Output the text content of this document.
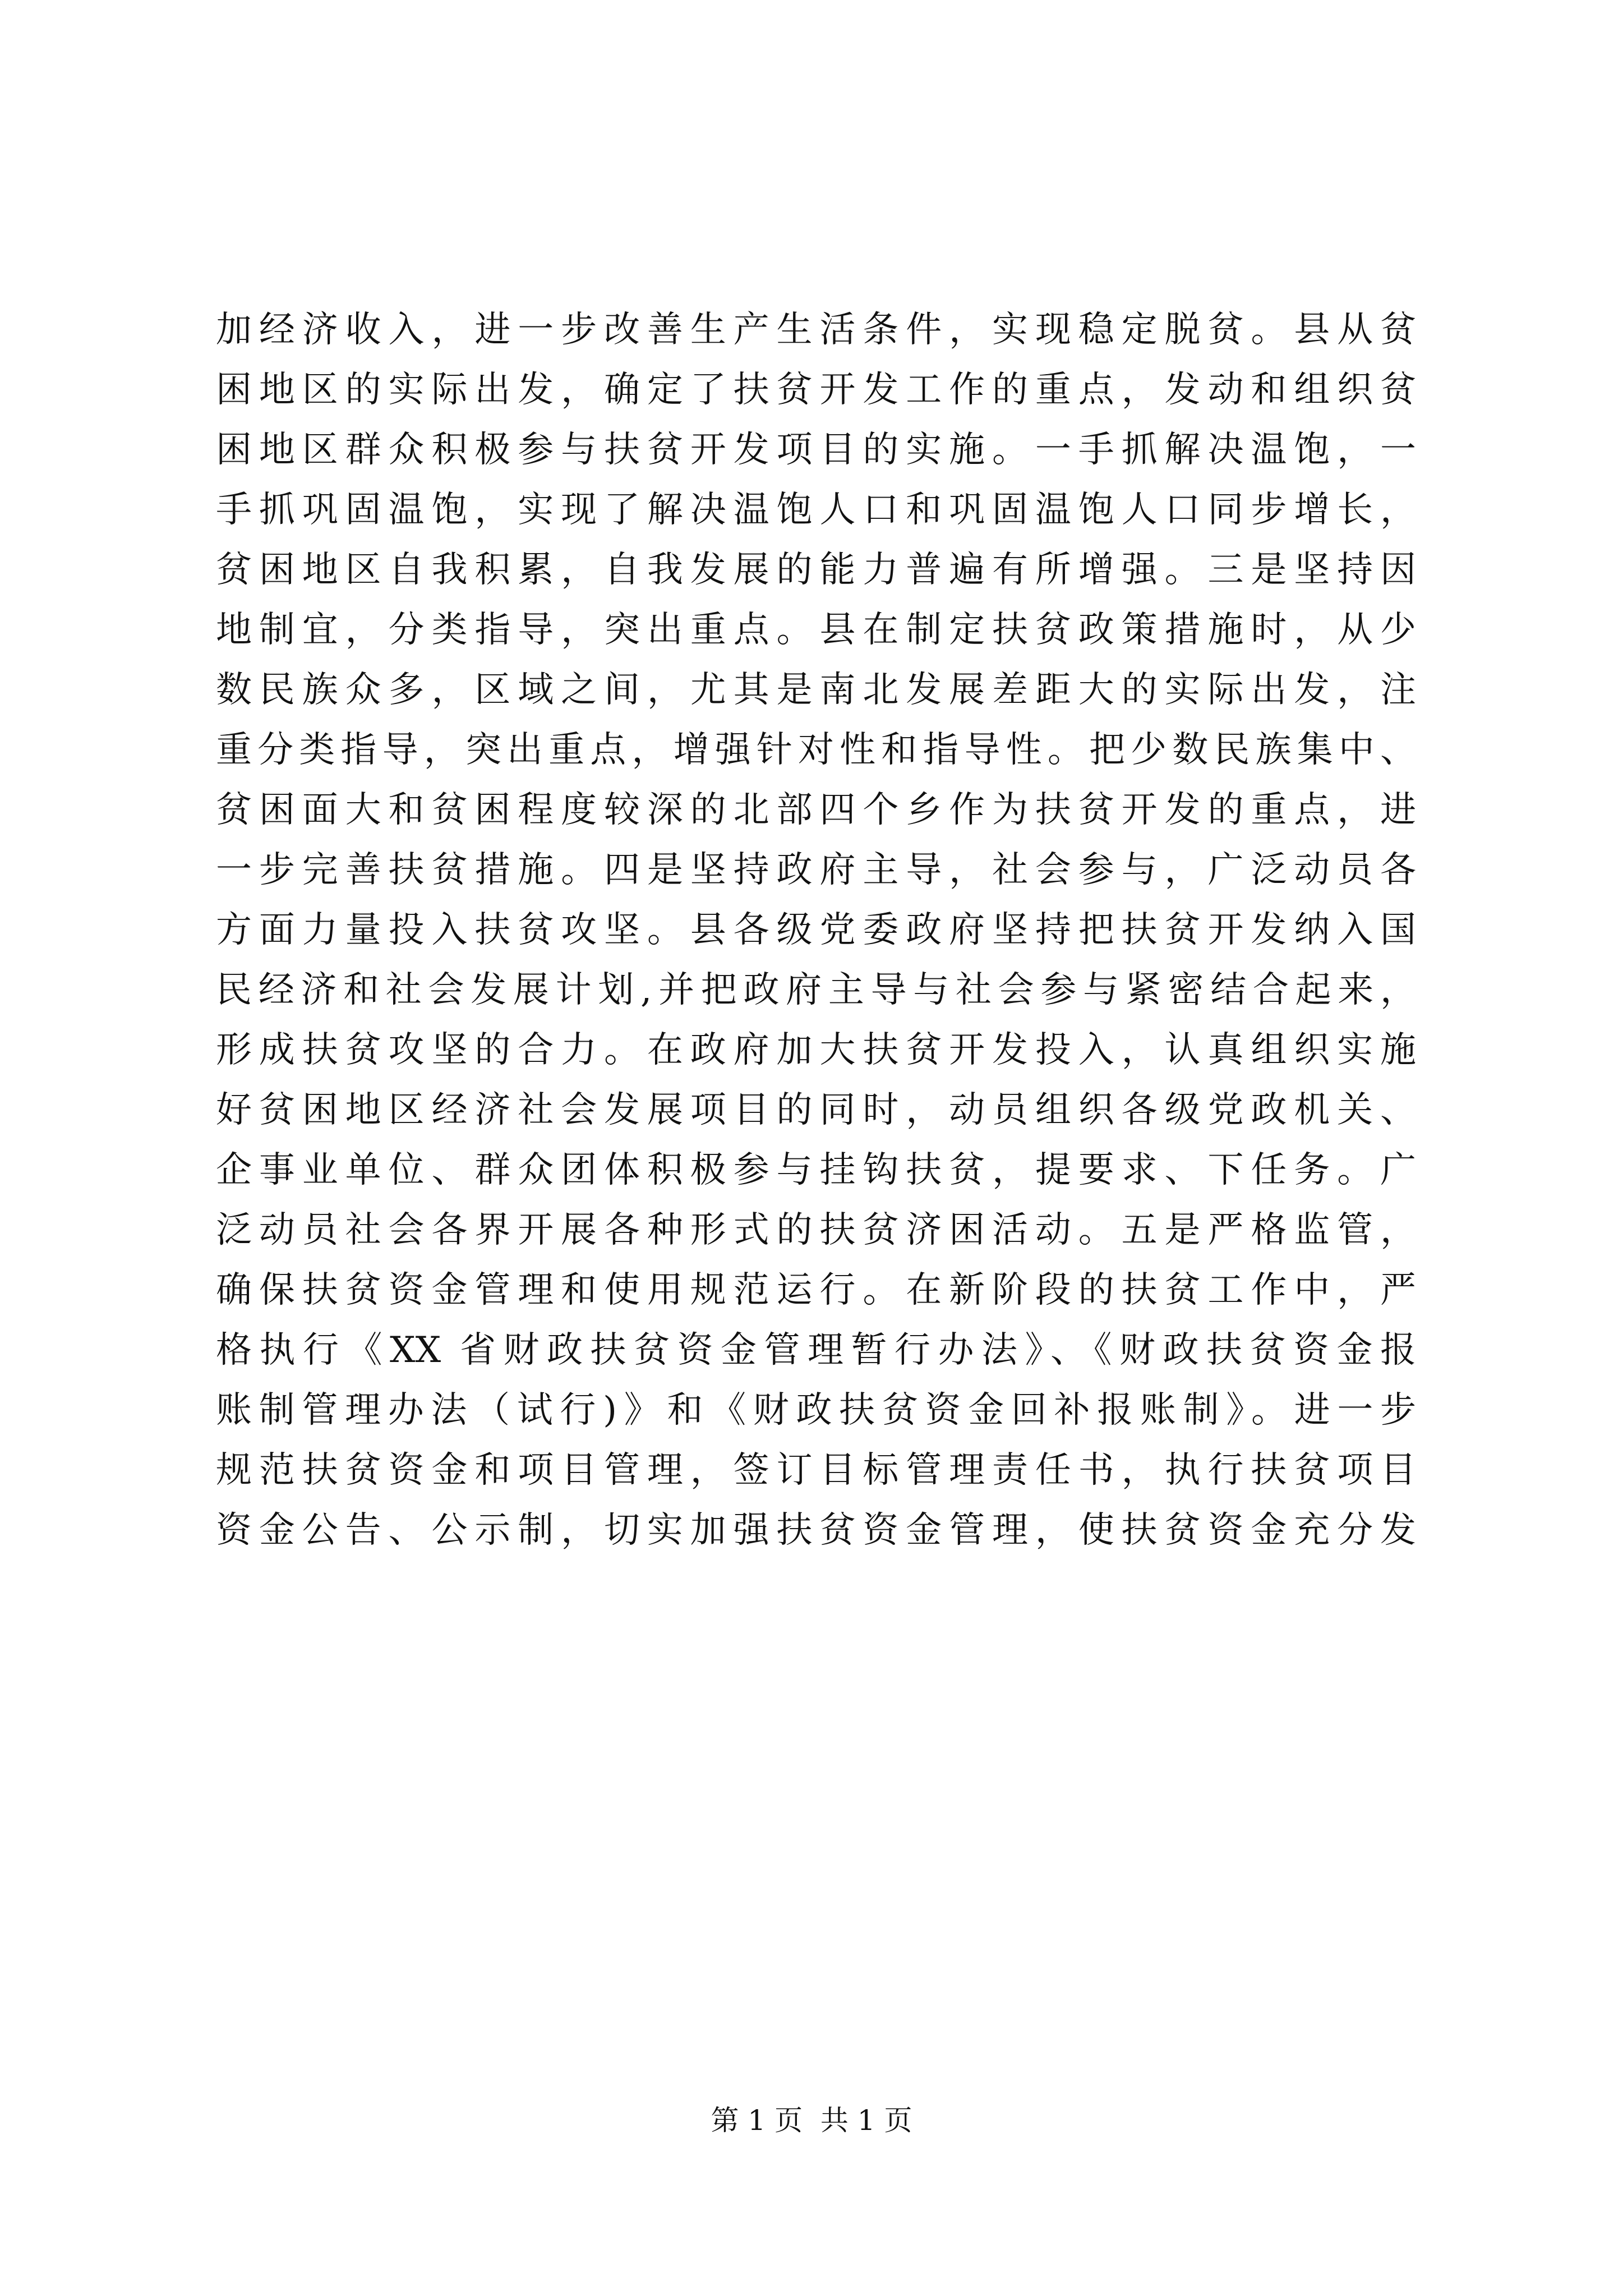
加经济收入，进一步改善生产生活条件，实现稳定脱贫。县从贫
困地区的实际出发，确定了扶贫开发工作的重点，发动和组织贫
困地区群众积极参与扶贫开发项目的实施。一手抓解决温饱，一
手抓巩固温饱，实现了解决温饱人口和巩固温饱人口同步增长，
贫困地区自我积累，自我发展的能力普遍有所增强。三是坚持因
地制宜，分类指导，突出重点。县在制定扶贫政策措施时，从少
数民族众多，区域之间，尤其是南北发展差距大的实际出发，注
重分类指导，突出重点，增强针对性和指导性。把少数民族集中、
贫困面大和贫困程度较深的北部四个乡作为扶贫开发的重点，进
一步完善扶贫措施。四是坚持政府主导，社会参与，广泛动员各
方面力量投入扶贫攻坚。县各级党委政府坚持把扶贫开发纳入国
民经济和社会发展计划,并把政府主导与社会参与紧密结合起来，
形成扶贫攻坚的合力。在政府加大扶贫开发投入，认真组织实施
好贫困地区经济社会发展项目的同时，动员组织各级党政机关、
企事业单位、群众团体积极参与挂钩扶贫，提要求、下任务。广
泛动员社会各界开展各种形式的扶贫济困活动。五是严格监管，
确保扶贫资金管理和使用规范运行。在新阶段的扶贫工作中，严
格执行《XX 省财政扶贫资金管理暂行办法》、《财政扶贫资金报
账制管理办法（试行)》和《财政扶贫资金回补报账制》。进一步
规范扶贫资金和项目管理，签订目标管理责任书，执行扶贫项目
资金公告、公示制，切实加强扶贫资金管理，使扶贫资金充分发
第 1 页  共 1 页
